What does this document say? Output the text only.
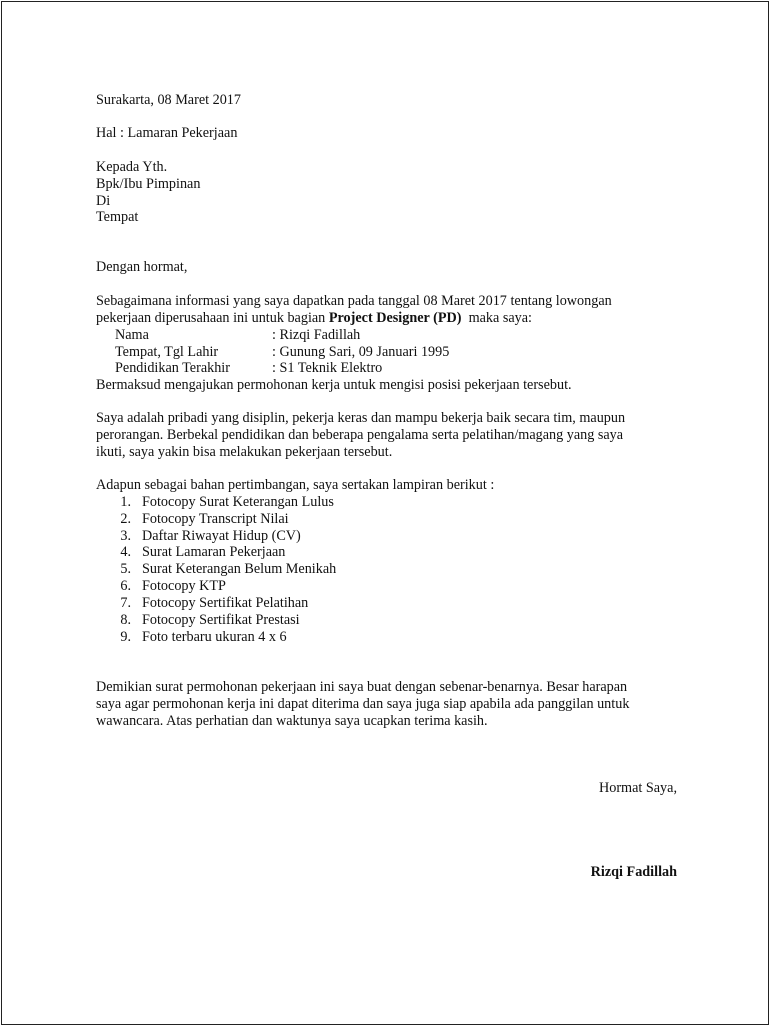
Surakarta, 08 Maret 2017
Hal : Lamaran Pekerjaan
Kepada Yth.
Bpk/Ibu Pimpinan
Di
Tempat
Dengan hormat,
Sebagaimana informasi yang saya dapatkan pada tanggal 08 Maret 2017 tentang lowongan
pekerjaan diperusahaan ini untuk bagian Project Designer (PD)  maka saya:
Nama	: Rizqi Fadillah
Tempat, Tgl Lahir	: Gunung Sari, 09 Januari 1995
Pendidikan Terakhir	: S1 Teknik Elektro
Bermaksud mengajukan permohonan kerja untuk mengisi posisi pekerjaan tersebut.
Saya adalah pribadi yang disiplin, pekerja keras dan mampu bekerja baik secara tim, maupun
perorangan. Berbekal pendidikan dan beberapa pengalama serta pelatihan/magang yang saya
ikuti, saya yakin bisa melakukan pekerjaan tersebut.
Adapun sebagai bahan pertimbangan, saya sertakan lampiran berikut :
1. Fotocopy Surat Keterangan Lulus
2. Fotocopy Transcript Nilai
3. Daftar Riwayat Hidup (CV)
4. Surat Lamaran Pekerjaan
5. Surat Keterangan Belum Menikah
6. Fotocopy KTP
7. Fotocopy Sertifikat Pelatihan
8. Fotocopy Sertifikat Prestasi
9. Foto terbaru ukuran 4 x 6
Demikian surat permohonan pekerjaan ini saya buat dengan sebenar-benarnya. Besar harapan
saya agar permohonan kerja ini dapat diterima dan saya juga siap apabila ada panggilan untuk
wawancara. Atas perhatian dan waktunya saya ucapkan terima kasih.
Hormat Saya,
Rizqi Fadillah
